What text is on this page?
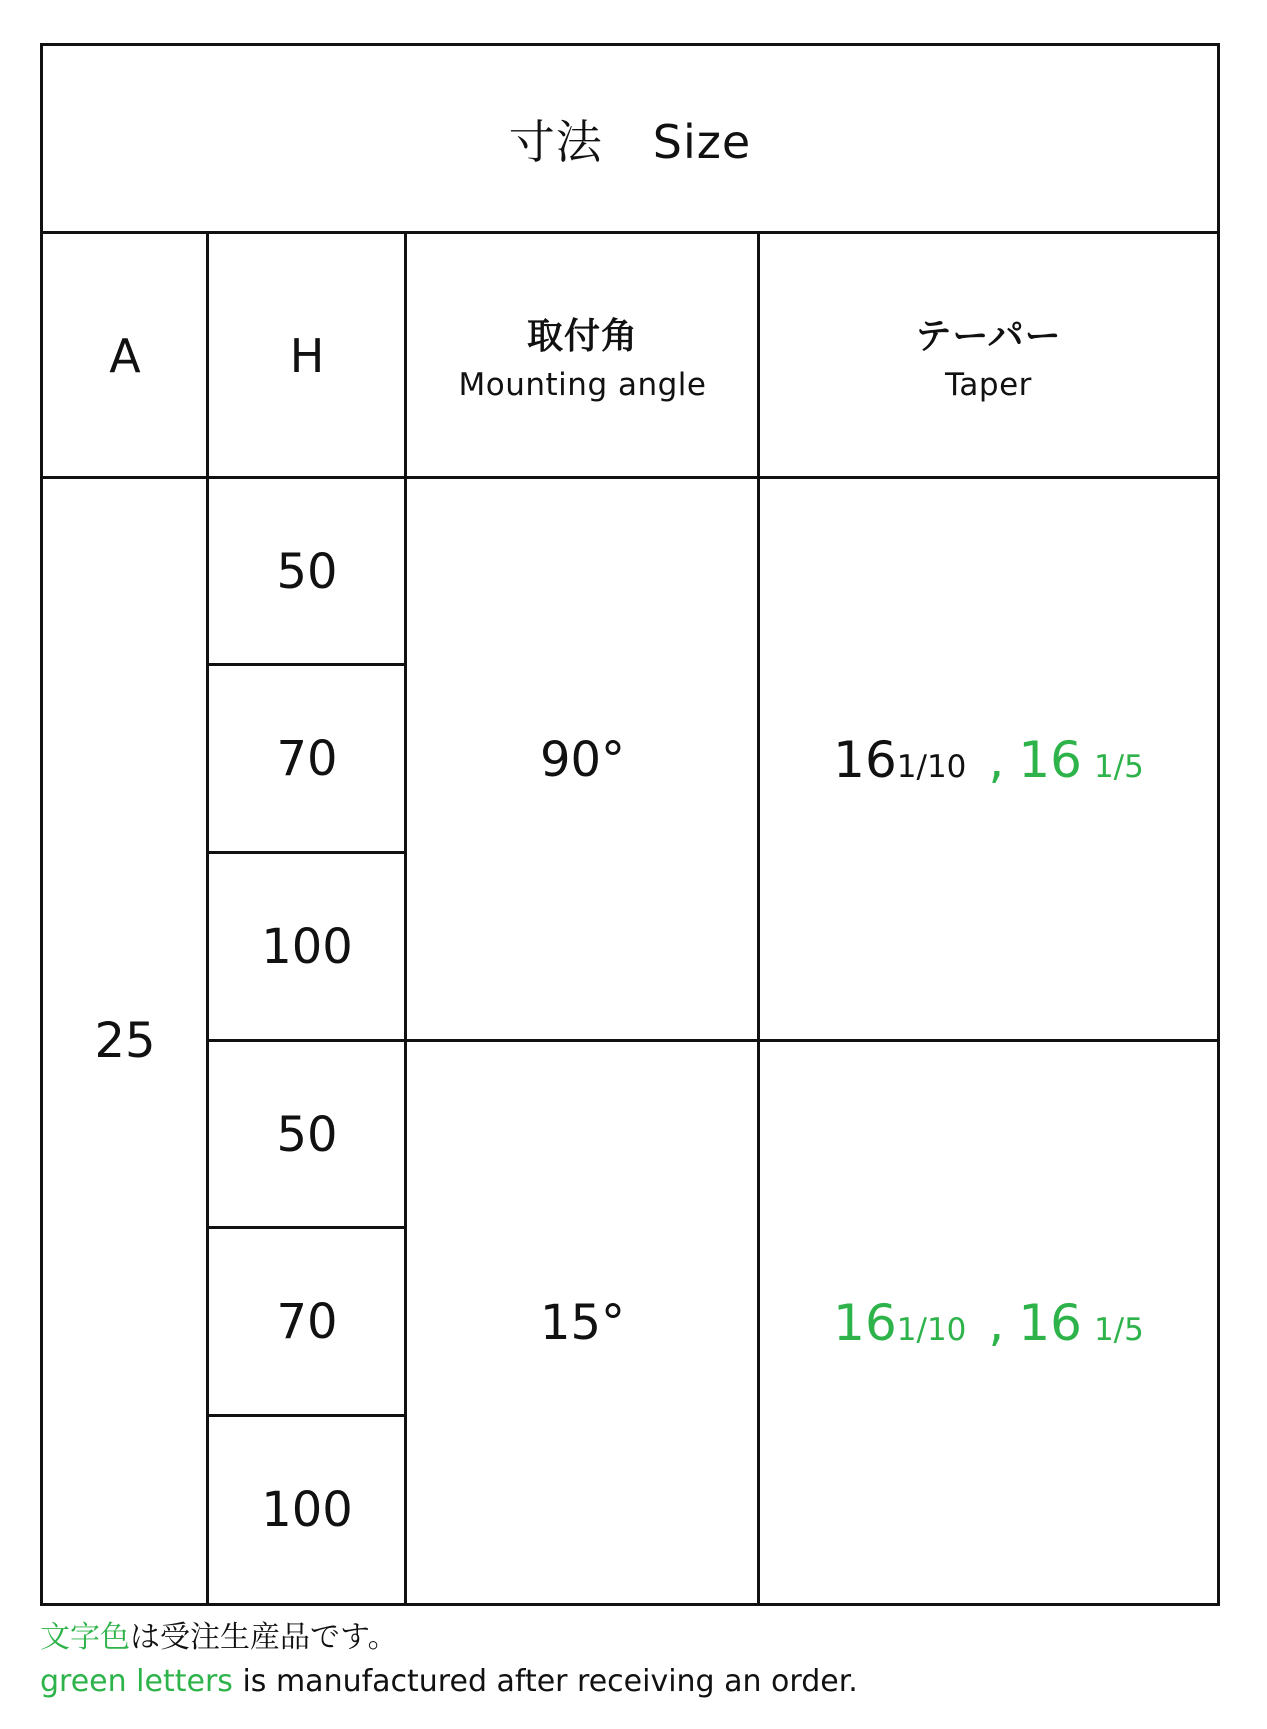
寸法 Size
A	H	取付角
Mounting angle
テーパー
Taper
25
50
70
100
50
70
100
90°
15°
161/10 , 16 1/5
161/10 , 16 1/5
文字色は受注生産品です。
green letters is manufactured after receiving an order.
